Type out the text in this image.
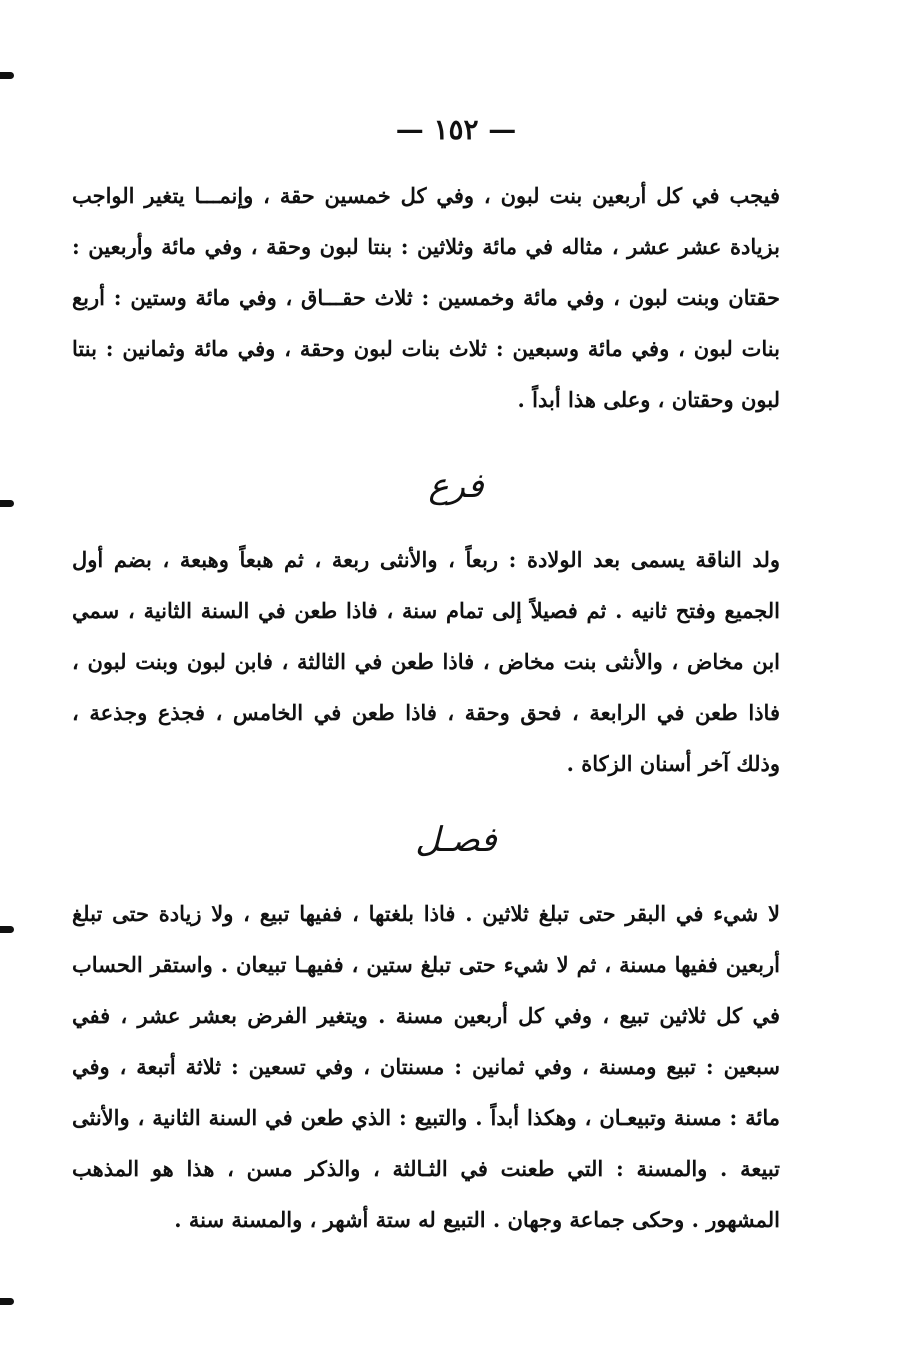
— ١٥٢ —

فيجب في كل أربعين بنت لبون ، وفي كل خمسين حقة ، وإنمـــا يتغير الواجب بزيادة عشر عشر ، مثاله في مائة وثلاثين : بنتا لبون وحقة ، وفي مائة وأربعين : حقتان وبنت لبون ، وفي مائة وخمسين : ثلاث حقـــاق ، وفي مائة وستين : أربع بنات لبون ، وفي مائة وسبعين : ثلاث بنات لبون وحقة ، وفي مائة وثمانين : بنتا لبون وحقتان ، وعلى هذا أبداً .

فرع

ولد الناقة يسمى بعد الولادة : ربعاً ، والأنثى ربعة ، ثم هبعاً وهبعة ، بضم أول الجميع وفتح ثانيه . ثم فصيلاً إلى تمام سنة ، فاذا طعن في السنة الثانية ، سمي ابن مخاض ، والأنثى بنت مخاض ، فاذا طعن في الثالثة ، فابن لبون وبنت لبون ، فاذا طعن في الرابعة ، فحق وحقة ، فاذا طعن في الخامس ، فجذع وجذعة ، وذلك آخر أسنان الزكاة .

فصـل

لا شيء في البقر حتى تبلغ ثلاثين . فاذا بلغتها ، ففيها تبيع ، ولا زيادة حتى تبلغ أربعين ففيها مسنة ، ثم لا شيء حتى تبلغ ستين ، ففيهـا تبيعان . واستقر الحساب في كل ثلاثين تبيع ، وفي كل أربعين مسنة . ويتغير الفرض بعشر عشر ، ففي سبعين : تبيع ومسنة ، وفي ثمانين : مسنتان ، وفي تسعين : ثلاثة أتبعة ، وفي مائة : مسنة وتبيعـان ، وهكذا أبداً . والتبيع : الذي طعن في السنة الثانية ، والأنثى تبيعة . والمسنة : التي طعنت في الثـالثة ، والذكر مسن ، هذا هو المذهب المشهور . وحكى جماعة وجهان . التبيع له ستة أشهر ، والمسنة سنة .
